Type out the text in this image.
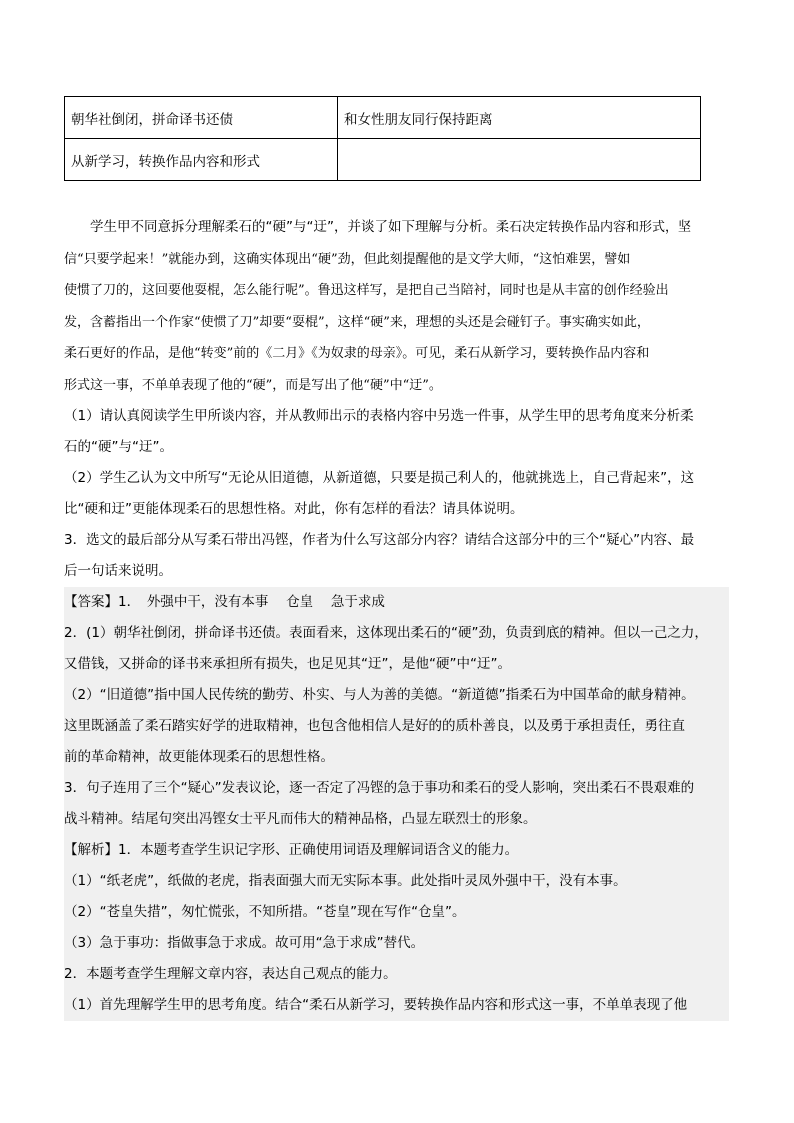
朝华社倒闭，拼命译书还债	和女性朋友同行保持距离
从新学习，转换作品内容和形式	

学生甲不同意拆分理解柔石的“硬”与“迂”，并谈了如下理解与分析。柔石决定转换作品内容和形式，坚

信“只要学起来！”就能办到，这确实体现出“硬”劲，但此刻提醒他的是文学大师，“这怕难罢，譬如

使惯了刀的，这回要他耍棍，怎么能行呢”。鲁迅这样写，是把自己当陪衬，同时也是从丰富的创作经验出

发，含蓄指出一个作家“使惯了刀”却要“耍棍”，这样“硬”来，理想的头还是会碰钉子。事实确实如此，

柔石更好的作品，是他“转变”前的《二月》《为奴隶的母亲》。可见，柔石从新学习，要转换作品内容和

形式这一事，不单单表现了他的“硬”，而是写出了他“硬”中“迂”。

（1）请认真阅读学生甲所谈内容，并从教师出示的表格内容中另选一件事，从学生甲的思考角度来分析柔

石的“硬”与“迂”。

（2）学生乙认为文中所写“无论从旧道德，从新道德，只要是损己利人的，他就挑选上，自己背起来”，这

比“硬和迂”更能体现柔石的思想性格。对此，你有怎样的看法？请具体说明。

3．选文的最后部分从写柔石带出冯铿，作者为什么写这部分内容？请结合这部分中的三个“疑心”内容、最

后一句话来说明。

【答案】1．　外强中干，没有本事　 仓皇　 急于求成

2．(1）朝华社倒闭，拼命译书还债。表面看来，这体现出柔石的“硬”劲，负责到底的精神。但以一己之力，

又借钱，又拼命的译书来承担所有损失，也足见其“迂”，是他“硬”中“迂”。

（2）“旧道德”指中国人民传统的勤劳、朴实、与人为善的美德。“新道德”指柔石为中国革命的献身精神。

这里既涵盖了柔石踏实好学的进取精神，也包含他相信人是好的的质朴善良，以及勇于承担责任，勇往直

前的革命精神，故更能体现柔石的思想性格。

3．句子连用了三个“疑心”发表议论，逐一否定了冯铿的急于事功和柔石的受人影响，突出柔石不畏艰难的

战斗精神。结尾句突出冯铿女士平凡而伟大的精神品格，凸显左联烈士的形象。

【解析】1．本题考查学生识记字形、正确使用词语及理解词语含义的能力。

（1）“纸老虎”，纸做的老虎，指表面强大而无实际本事。此处指叶灵凤外强中干，没有本事。

（2）“苍皇失措”，匆忙慌张，不知所措。“苍皇”现在写作“仓皇”。

（3）急于事功：指做事急于求成。故可用“急于求成”替代。

2．本题考查学生理解文章内容，表达自己观点的能力。

（1）首先理解学生甲的思考角度。结合“柔石从新学习，要转换作品内容和形式这一事，不单单表现了他
